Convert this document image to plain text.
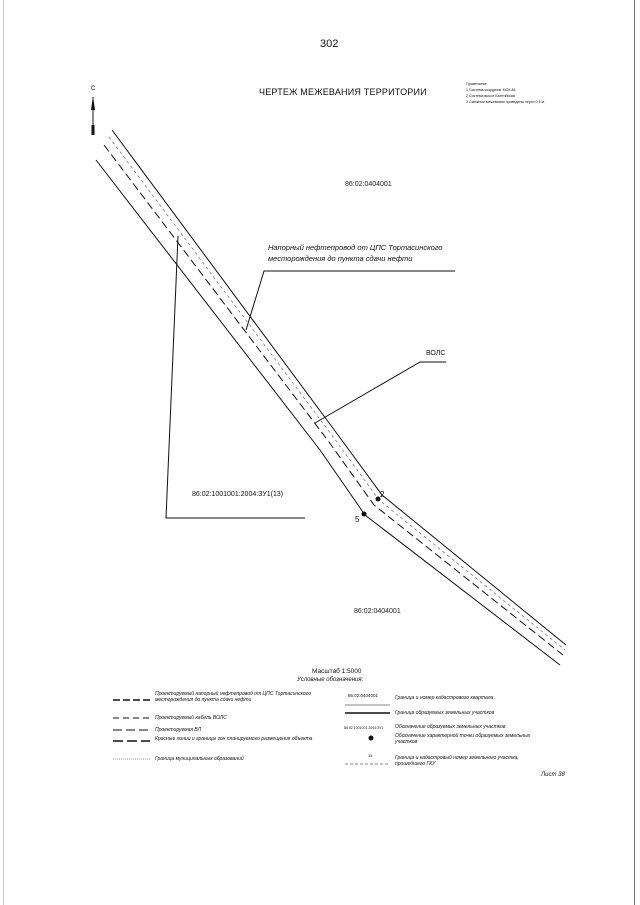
302
ЧЕРТЕЖ МЕЖЕВАНИЯ ТЕРРИТОРИИ
Примечание
1 Система координат МСК-86
2 Система высот Балтийская
3 Смежные межевания приведены через 0,5 м.
С
86:02:0404001
86:02:0404001
Напорный нефтепровод от ЦПС Тортасинского месторождения до пункта сдачи нефти
ВОЛС
86:02:1001001:2004:ЗУ1(13)	2
5
Масштаб 1:5000
Условные обозначения:
Проектируемый напорный нефтепровод от ЦПС Тортасинского месторождения до пункта сдачи нефти
Проектируемый кабель ВОЛС
Проектируемая ВЛ
Красные линии и границы зон планируемого размещения объекта
Граница муниципальных образований
86:02:0404001	Граница и номер кадастрового квартала
Граница образуемых земельных участков
86:02:1001001:2004:ЗУ1 Обозначение образуемых земельных участков
Обозначение характерной точки образуемых земельных участков
15	Граница и кадастровый номер земельного участка, прошедшего ГКУ
Лист 38
